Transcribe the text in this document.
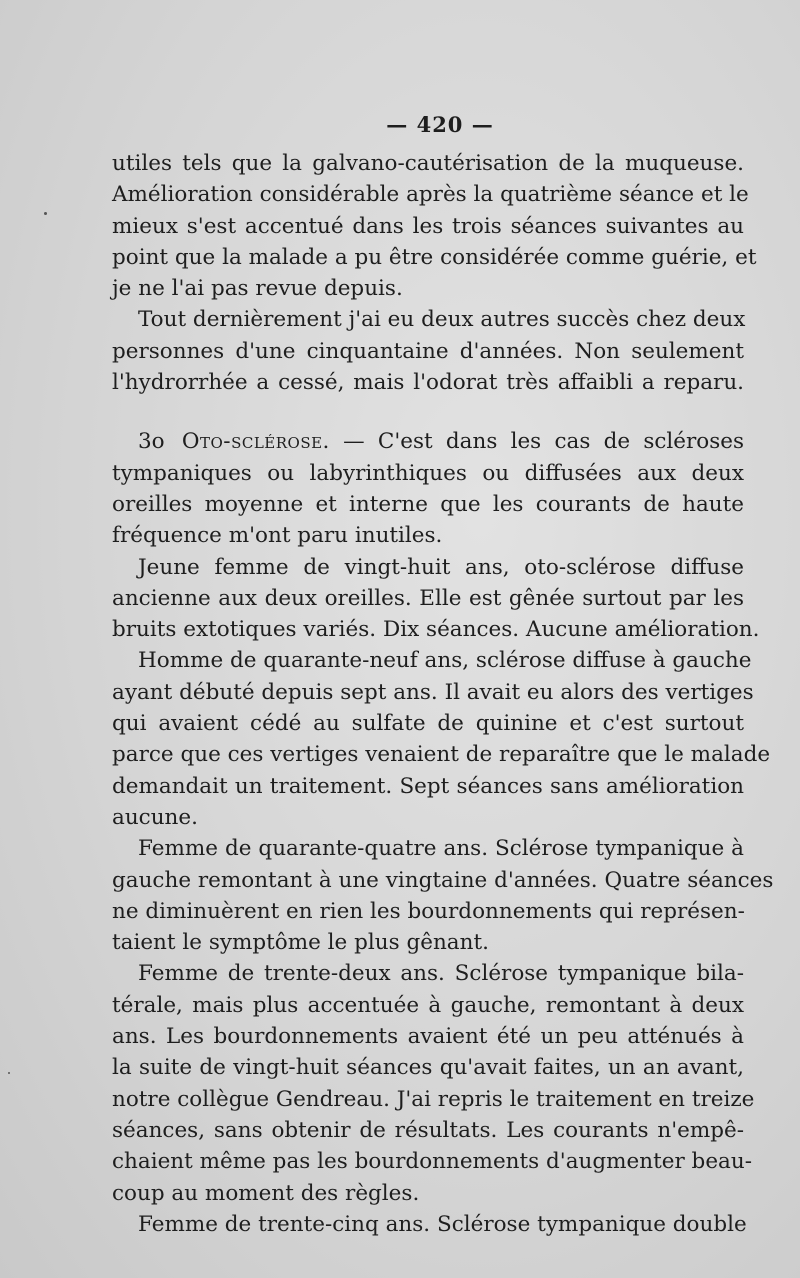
— 420 —
utiles tels que la galvano-cautérisation de la muqueuse.
Amélioration considérable après la quatrième séance et le
mieux s'est accentué dans les trois séances suivantes au
point que la malade a pu être considérée comme guérie, et
je ne l'ai pas revue depuis.
Tout dernièrement j'ai eu deux autres succès chez deux
personnes d'une cinquantaine d'années. Non seulement
l'hydrorrhée a cessé, mais l'odorat très affaibli a reparu.
3o Oto-sclérose. — C'est dans les cas de scléroses
tympaniques ou labyrinthiques ou diffusées aux deux
oreilles moyenne et interne que les courants de haute
fréquence m'ont paru inutiles.
Jeune femme de vingt-huit ans, oto-sclérose diffuse
ancienne aux deux oreilles. Elle est gênée surtout par les
bruits extotiques variés. Dix séances. Aucune amélioration.
Homme de quarante-neuf ans, sclérose diffuse à gauche
ayant débuté depuis sept ans. Il avait eu alors des vertiges
qui avaient cédé au sulfate de quinine et c'est surtout
parce que ces vertiges venaient de reparaître que le malade
demandait un traitement. Sept séances sans amélioration
aucune.
Femme de quarante-quatre ans. Sclérose tympanique à
gauche remontant à une vingtaine d'années. Quatre séances
ne diminuèrent en rien les bourdonnements qui représen-
taient le symptôme le plus gênant.
Femme de trente-deux ans. Sclérose tympanique bila-
térale, mais plus accentuée à gauche, remontant à deux
ans. Les bourdonnements avaient été un peu atténués à
la suite de vingt-huit séances qu'avait faites, un an avant,
notre collègue Gendreau. J'ai repris le traitement en treize
séances, sans obtenir de résultats. Les courants n'empê-
chaient même pas les bourdonnements d'augmenter beau-
coup au moment des règles.
Femme de trente-cinq ans. Sclérose tympanique double
